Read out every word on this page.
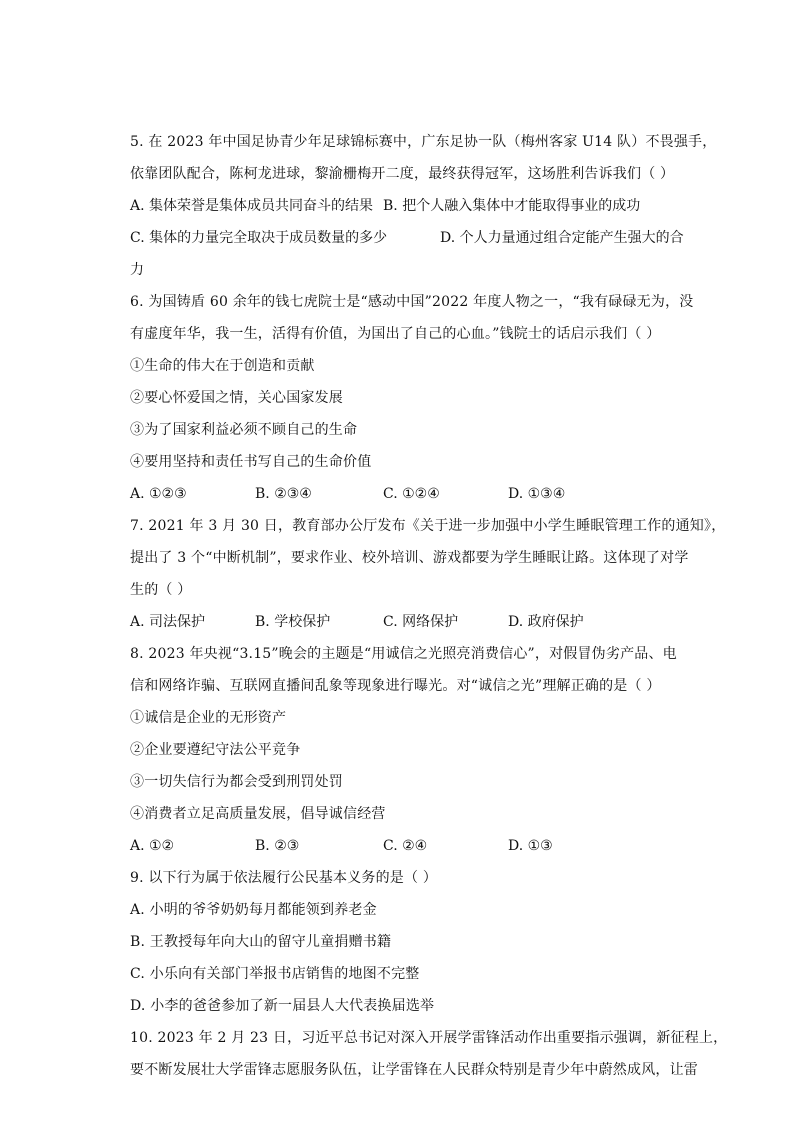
5. 在 2023 年中国足协青少年足球锦标赛中，广东足协一队（梅州客家 U14 队）不畏强手，
依靠团队配合，陈柯龙进球，黎渝栅梅开二度，最终获得冠军，这场胜利告诉我们（ ）
A. 集体荣誉是集体成员共同奋斗的结果 B. 把个人融入集体中才能取得事业的成功
C. 集体的力量完全取决于成员数量的多少	D. 个人力量通过组合定能产生强大的合
力
6. 为国铸盾 60 余年的钱七虎院士是“感动中国”2022 年度人物之一，“我有碌碌无为，没
有虚度年华，我一生，活得有价值，为国出了自己的心血。”钱院士的话启示我们（ ）
①生命的伟大在于创造和贡献
②要心怀爱国之情，关心国家发展
③为了国家利益必须不顾自己的生命
④要用坚持和责任书写自己的生命价值
A. ①②③	B. ②③④	C. ①②④	D. ①③④
7. 2021 年 3 月 30 日，教育部办公厅发布《关于进一步加强中小学生睡眠管理工作的通知》，
提出了 3 个“中断机制”，要求作业、校外培训、游戏都要为学生睡眠让路。这体现了对学
生的（ ）
A. 司法保护	B. 学校保护	C. 网络保护	D. 政府保护
8. 2023 年央视“3.15”晚会的主题是“用诚信之光照亮消费信心”，对假冒伪劣产品、电
信和网络诈骗、互联网直播间乱象等现象进行曝光。对“诚信之光”理解正确的是（ ）
①诚信是企业的无形资产
②企业要遵纪守法公平竞争
③一切失信行为都会受到刑罚处罚
④消费者立足高质量发展，倡导诚信经营
A. ①②	B. ②③	C. ②④	D. ①③
9. 以下行为属于依法履行公民基本义务的是（ ）
A. 小明的爷爷奶奶每月都能领到养老金
B. 王教授每年向大山的留守儿童捐赠书籍
C. 小乐向有关部门举报书店销售的地图不完整
D. 小李的爸爸参加了新一届县人大代表换届选举
10. 2023 年 2 月 23 日，习近平总书记对深入开展学雷锋活动作出重要指示强调，新征程上，
要不断发展壮大学雷锋志愿服务队伍，让学雷锋在人民群众特别是青少年中蔚然成风，让雷
